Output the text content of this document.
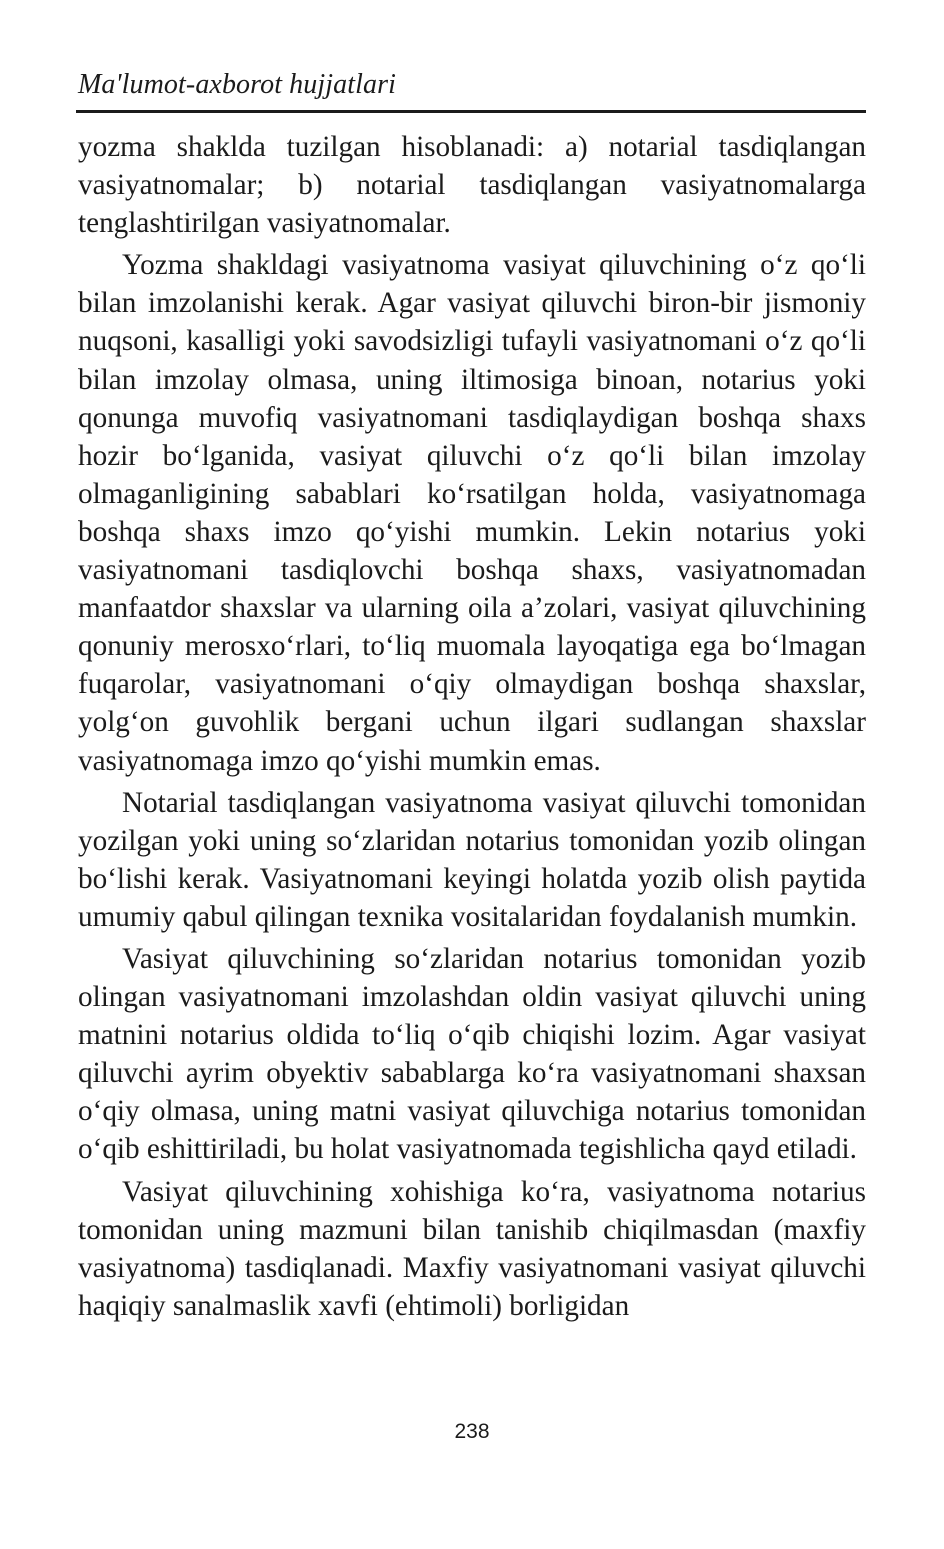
Ma'lumot-axborot hujjatlari

yozma shaklda tuzilgan hisoblanadi: a) notarial tasdiqlangan vasiyatnomalar; b) notarial tasdiqlangan vasiyatnomalarga tenglashtirilgan vasiyatnomalar.

Yozma shakldagi vasiyatnoma vasiyat qiluvchining o‘z qo‘li bilan imzolanishi kerak. Agar vasiyat qiluvchi biron-bir jismoniy nuqsoni, kasalligi yoki savodsizligi tufayli vasiyatnomani o‘z qo‘li bilan imzolay olmasa, uning iltimosiga binoan, notarius yoki qonunga muvofiq vasiyatnomani tasdiqlaydigan boshqa shaxs hozir bo‘lganida, vasiyat qiluvchi o‘z qo‘li bilan imzolay olmaganligining sabablari ko‘rsatilgan holda, vasiyatnomaga boshqa shaxs imzo qo‘yishi mumkin. Lekin notarius yoki vasiyatnomani tasdiqlovchi boshqa shaxs, vasiyatnomadan manfaatdor shaxslar va ularning oila a’zolari, vasiyat qiluvchining qonuniy merosxo‘rlari, to‘liq muomala layoqatiga ega bo‘lmagan fuqarolar, vasiyatnomani o‘qiy olmaydigan boshqa shaxslar, yolg‘on guvohlik bergani uchun ilgari sudlangan shaxslar vasiyatnomaga imzo qo‘yishi mumkin emas.

Notarial tasdiqlangan vasiyatnoma vasiyat qiluvchi tomonidan yozilgan yoki uning so‘zlaridan notarius tomonidan yozib olingan bo‘lishi kerak. Vasiyatnomani keyingi holatda yozib olish paytida umumiy qabul qilingan texnika vositalaridan foydalanish mumkin.

Vasiyat qiluvchining so‘zlaridan notarius tomonidan yozib olingan vasiyatnomani imzolashdan oldin vasiyat qiluvchi uning matnini notarius oldida to‘liq o‘qib chiqishi lozim. Agar vasiyat qiluvchi ayrim obyektiv sabablarga ko‘ra vasiyatnomani shaxsan o‘qiy olmasa, uning matni vasiyat qiluvchiga notarius tomonidan o‘qib eshittiriladi, bu holat vasiyatnomada tegishlicha qayd etiladi.

Vasiyat qiluvchining xohishiga ko‘ra, vasiyatnoma notarius tomonidan uning mazmuni bilan tanishib chiqilmasdan (maxfiy vasiyatnoma) tasdiqlanadi. Maxfiy vasiyatnomani vasiyat qiluvchi haqiqiy sanalmaslik xavfi (ehtimoli) borligidan

238
